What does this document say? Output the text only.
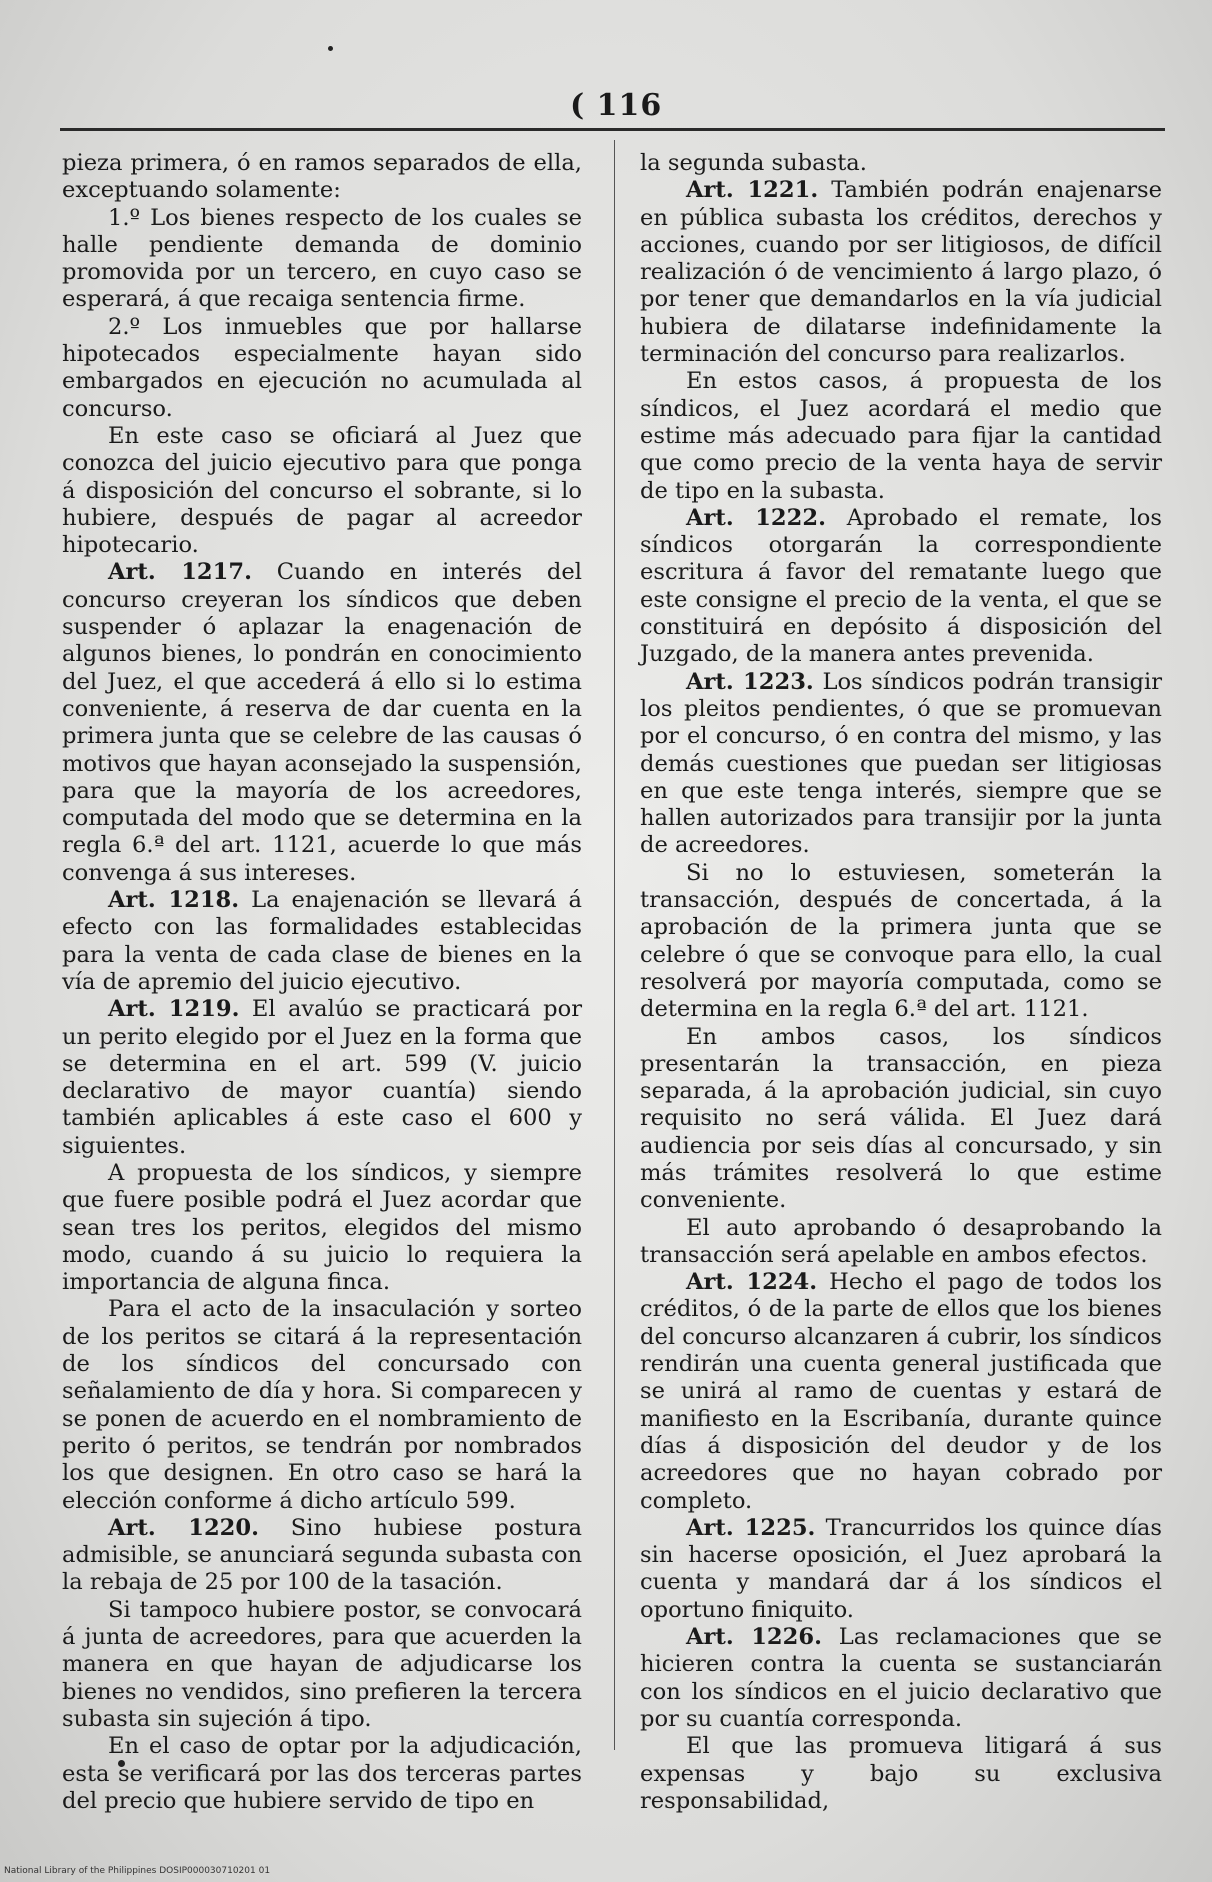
( 116

pieza primera, ó en ramos separados de ella, exceptuando solamente:

1.º Los bienes respecto de los cuales se halle pendiente demanda de dominio promovida por un tercero, en cuyo caso se esperará, á que recaiga sentencia firme.

2.º Los inmuebles que por hallarse hipotecados especialmente hayan sido embargados en ejecución no acumulada al concurso.

En este caso se oficiará al Juez que conozca del juicio ejecutivo para que ponga á disposición del concurso el sobrante, si lo hubiere, después de pagar al acreedor hipotecario.

Art. 1217. Cuando en interés del concurso creyeran los síndicos que deben suspender ó aplazar la enagenación de algunos bienes, lo pondrán en conocimiento del Juez, el que accederá á ello si lo estima conveniente, á reserva de dar cuenta en la primera junta que se celebre de las causas ó motivos que hayan aconsejado la suspensión, para que la mayoría de los acreedores, computada del modo que se determina en la regla 6.ª del art. 1121, acuerde lo que más convenga á sus intereses.

Art. 1218. La enajenación se llevará á efecto con las formalidades establecidas para la venta de cada clase de bienes en la vía de apremio del juicio ejecutivo.

Art. 1219. El avalúo se practicará por un perito elegido por el Juez en la forma que se determina en el art. 599 (V. juicio declarativo de mayor cuantía) siendo también aplicables á este caso el 600 y siguientes.

A propuesta de los síndicos, y siempre que fuere posible podrá el Juez acordar que sean tres los peritos, elegidos del mismo modo, cuando á su juicio lo requiera la importancia de alguna finca.

Para el acto de la insaculación y sorteo de los peritos se citará á la representación de los síndicos del concursado con señalamiento de día y hora. Si comparecen y se ponen de acuerdo en el nombramiento de perito ó peritos, se tendrán por nombrados los que designen. En otro caso se hará la elección conforme á dicho artículo 599.

Art. 1220. Sino hubiese postura admisible, se anunciará segunda subasta con la rebaja de 25 por 100 de la tasación.

Si tampoco hubiere postor, se convocará á junta de acreedores, para que acuerden la manera en que hayan de adjudicarse los bienes no vendidos, sino prefieren la tercera subasta sin sujeción á tipo.

En el caso de optar por la adjudicación, esta se verificará por las dos terceras partes del precio que hubiere servido de tipo en

la segunda subasta.

Art. 1221. También podrán enajenarse en pública subasta los créditos, derechos y acciones, cuando por ser litigiosos, de difícil realización ó de vencimiento á largo plazo, ó por tener que demandarlos en la vía judicial hubiera de dilatarse indefinidamente la terminación del concurso para realizarlos.

En estos casos, á propuesta de los síndicos, el Juez acordará el medio que estime más adecuado para fijar la cantidad que como precio de la venta haya de servir de tipo en la subasta.

Art. 1222. Aprobado el remate, los síndicos otorgarán la correspondiente escritura á favor del rematante luego que este consigne el precio de la venta, el que se constituirá en depósito á disposición del Juzgado, de la manera antes prevenida.

Art. 1223. Los síndicos podrán transigir los pleitos pendientes, ó que se promuevan por el concurso, ó en contra del mismo, y las demás cuestiones que puedan ser litigiosas en que este tenga interés, siempre que se hallen autorizados para transijir por la junta de acreedores.

Si no lo estuviesen, someterán la transacción, después de concertada, á la aprobación de la primera junta que se celebre ó que se convoque para ello, la cual resolverá por mayoría computada, como se determina en la regla 6.ª del art. 1121.

En ambos casos, los síndicos presentarán la transacción, en pieza separada, á la aprobación judicial, sin cuyo requisito no será válida. El Juez dará audiencia por seis días al concursado, y sin más trámites resolverá lo que estime conveniente.

El auto aprobando ó desaprobando la transacción será apelable en ambos efectos.

Art. 1224. Hecho el pago de todos los créditos, ó de la parte de ellos que los bienes del concurso alcanzaren á cubrir, los síndicos rendirán una cuenta general justificada que se unirá al ramo de cuentas y estará de manifiesto en la Escribanía, durante quince días á disposición del deudor y de los acreedores que no hayan cobrado por completo.

Art. 1225. Trancurridos los quince días sin hacerse oposición, el Juez aprobará la cuenta y mandará dar á los síndicos el oportuno finiquito.

Art. 1226. Las reclamaciones que se hicieren contra la cuenta se sustanciarán con los síndicos en el juicio declarativo que por su cuantía corresponda.

El que las promueva litigará á sus expensas y bajo su exclusiva responsabilidad,

National Library of the Philippines DOSIP000030710201 01
